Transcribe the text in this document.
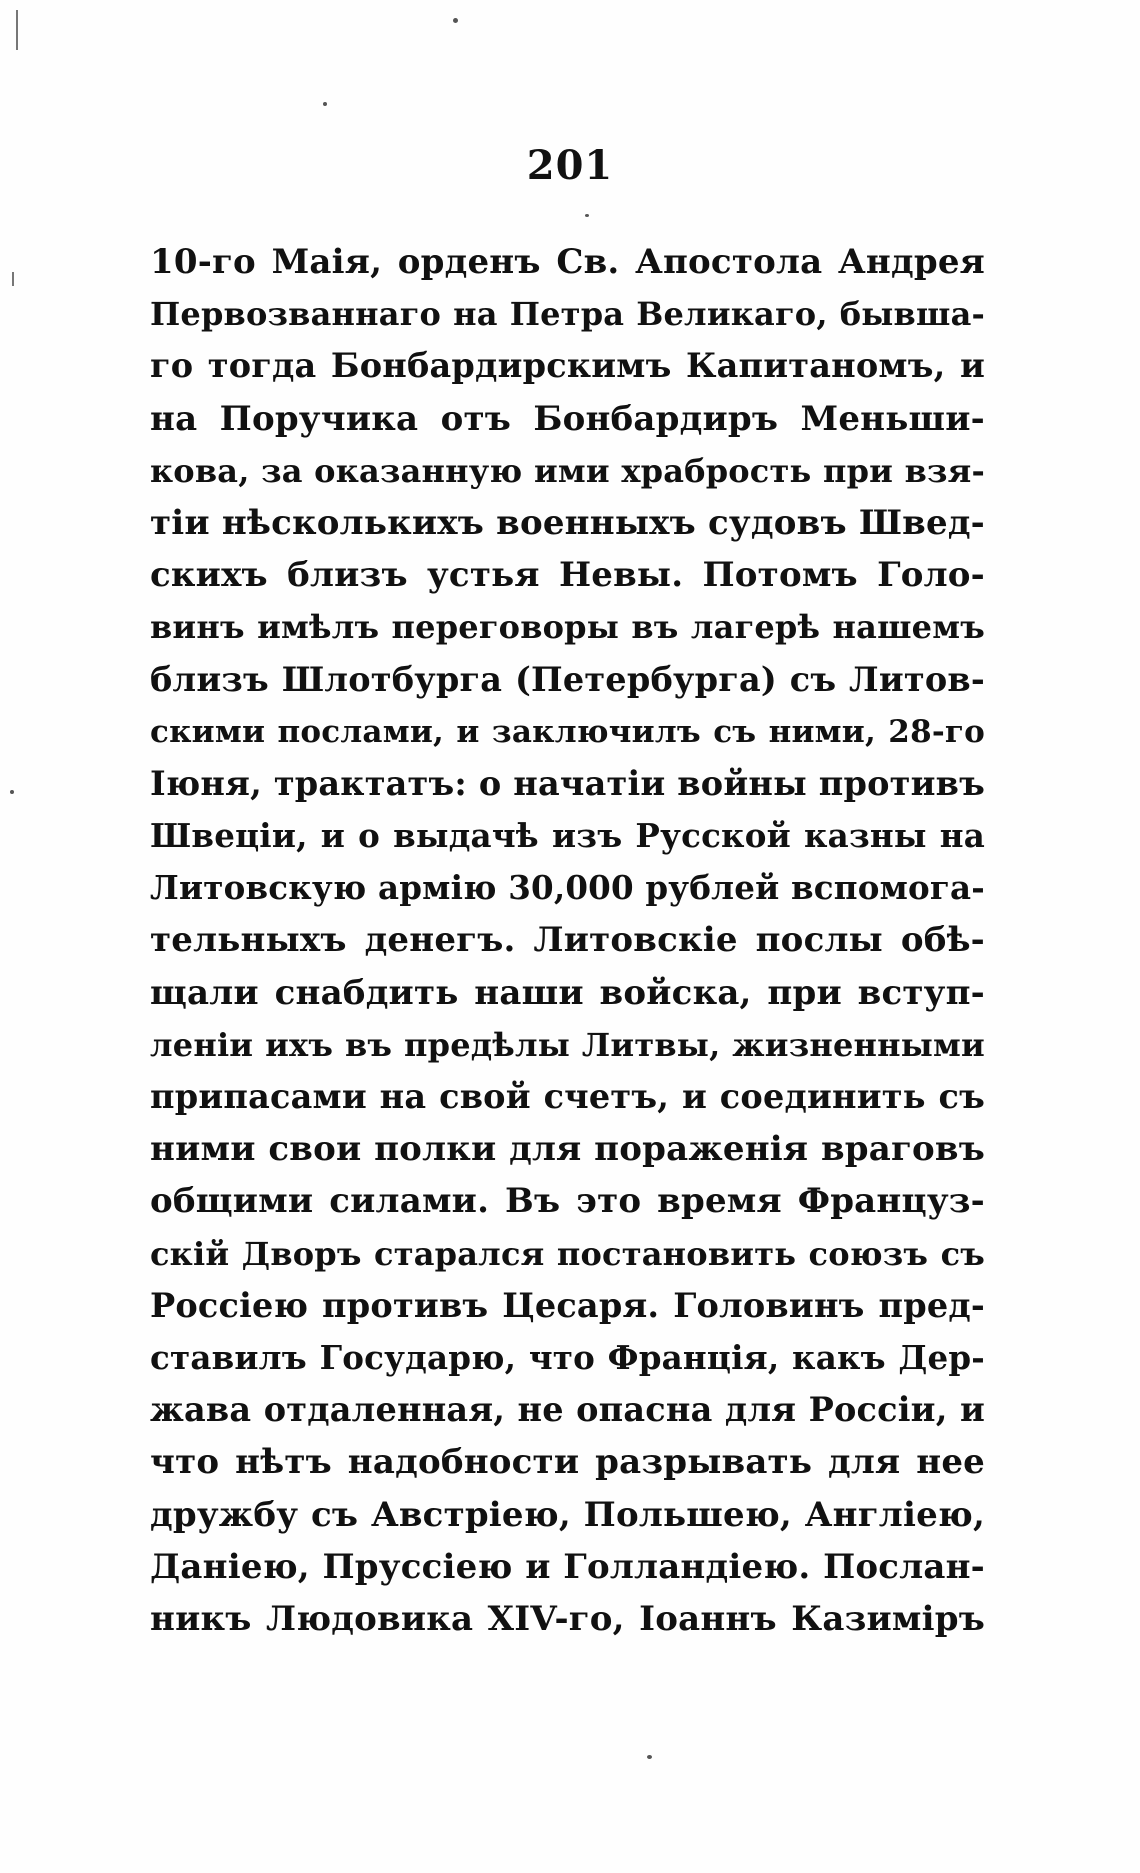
201
10-го Маія, орденъ Св. Апостола Андрея
Первозваннаго на Петра Великаго, бывша-
го тогда Бонбардирскимъ Капитаномъ, и
на Поручика отъ Бонбардиръ Меньши-
кова, за оказанную ими храбрость при взя-
тіи нѣсколькихъ военныхъ судовъ Швед-
скихъ близъ устья Невы. Потомъ Голо-
винъ имѣлъ переговоры въ лагерѣ нашемъ
близъ Шлотбурга (Петербурга) съ Литов-
скими послами, и заключилъ съ ними, 28-го
Іюня, трактатъ: о начатіи войны противъ
Швеціи, и о выдачѣ изъ Русской казны на
Литовскую армію 30,000 рублей вспомога-
тельныхъ денегъ. Литовскіе послы обѣ-
щали снабдить наши войска, при вступ-
леніи ихъ въ предѣлы Литвы, жизненными
припасами на свой счетъ, и соединить съ
ними свои полки для пораженія враговъ
общими силами. Въ это время Француз-
скій Дворъ старался постановить союзъ съ
Россіею противъ Цесаря. Головинъ пред-
ставилъ Государю, что Франція, какъ Дер-
жава отдаленная, не опасна для Россіи, и
что нѣтъ надобности разрывать для нее
дружбу съ Австріею, Польшею, Англіею,
Даніею, Пруссіею и Голландіею. Послан-
никъ Людовика XIV-го, Іоаннъ Казиміръ
